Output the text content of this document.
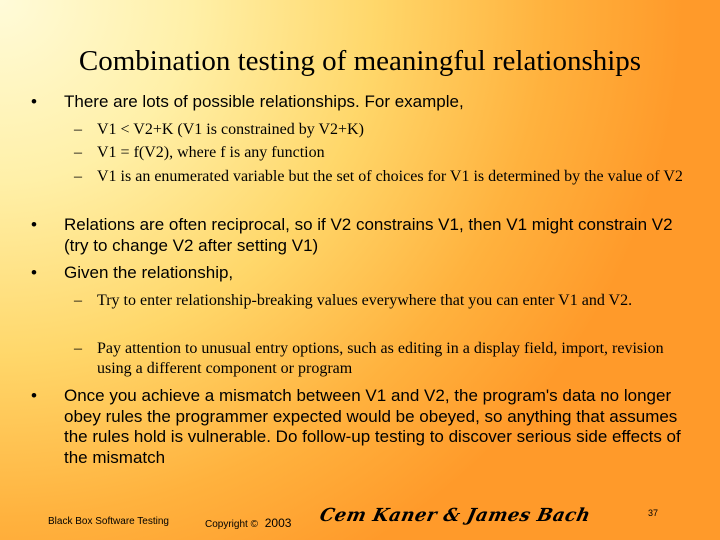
Combination testing of meaningful relationships
• There are lots of possible relationships. For example,
– V1 < V2+K (V1 is constrained by V2+K)
– V1 = f(V2), where f is any function
– V1 is an enumerated variable but the set of choices for V1 is determined by the value of V2
• Relations are often reciprocal, so if V2 constrains V1, then V1 might constrain V2 (try to change V2 after setting V1)
• Given the relationship,
– Try to enter relationship-breaking values everywhere that you can enter V1 and V2.
– Pay attention to unusual entry options, such as editing in a display field, import, revision using a different component or program
• Once you achieve a mismatch between V1 and V2, the program's data no longer obey rules the programmer expected would be obeyed, so anything that assumes the rules hold is vulnerable. Do follow-up testing to discover serious side effects of the mismatch
Black Box Software Testing	Copyright © 2003 Cem Kaner & James Bach	37
